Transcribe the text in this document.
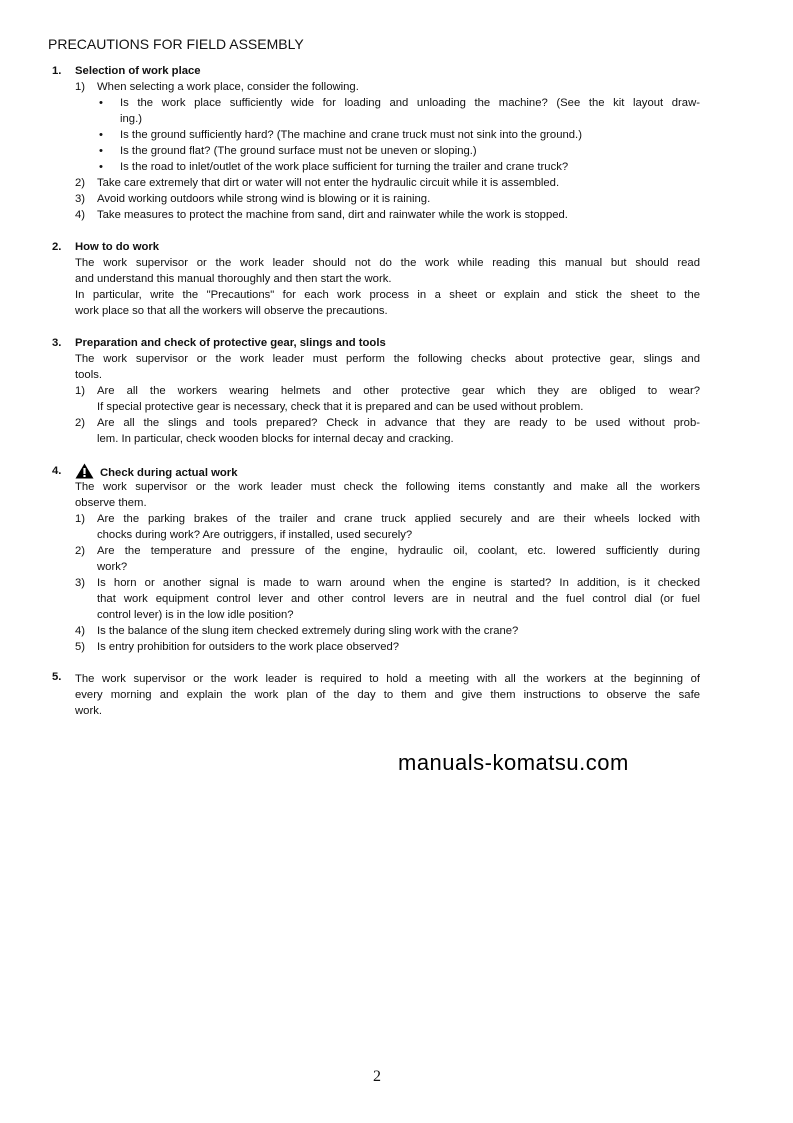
PRECAUTIONS FOR FIELD ASSEMBLY
1.	Selection of work place
1) When selecting a work place, consider the following.
• Is the work place sufficiently wide for loading and unloading the machine? (See the kit layout draw-
ing.)
• Is the ground sufficiently hard? (The machine and crane truck must not sink into the ground.)
• Is the ground flat? (The ground surface must not be uneven or sloping.)
• Is the road to inlet/outlet of the work place sufficient for turning the trailer and crane truck?
2) Take care extremely that dirt or water will not enter the hydraulic circuit while it is assembled.
3) Avoid working outdoors while strong wind is blowing or it is raining.
4) Take measures to protect the machine from sand, dirt and rainwater while the work is stopped.
2.	How to do work
The work supervisor or the work leader should not do the work while reading this manual but should read
and understand this manual thoroughly and then start the work.
In particular, write the "Precautions" for each work process in a sheet or explain and stick the sheet to the
work place so that all the workers will observe the precautions.
3.	Preparation and check of protective gear, slings and tools
The work supervisor or the work leader must perform the following checks about protective gear, slings and
tools.
1) Are all the workers wearing helmets and other protective gear which they are obliged to wear?
If special protective gear is necessary, check that it is prepared and can be used without problem.
2) Are all the slings and tools prepared? Check in advance that they are ready to be used without prob-
lem. In particular, check wooden blocks for internal decay and cracking.
4.	Check during actual work
The work supervisor or the work leader must check the following items constantly and make all the workers
observe them.
1) Are the parking brakes of the trailer and crane truck applied securely and are their wheels locked with
chocks during work? Are outriggers, if installed, used securely?
2) Are the temperature and pressure of the engine, hydraulic oil, coolant, etc. lowered sufficiently during
work?
3) Is horn or another signal is made to warn around when the engine is started? In addition, is it checked
that work equipment control lever and other control levers are in neutral and the fuel control dial (or fuel
control lever) is in the low idle position?
4) Is the balance of the slung item checked extremely during sling work with the crane?
5) Is entry prohibition for outsiders to the work place observed?
5.	The work supervisor or the work leader is required to hold a meeting with all the workers at the beginning of
every morning and explain the work plan of the day to them and give them instructions to observe the safe
work.
manuals-komatsu.com
2
